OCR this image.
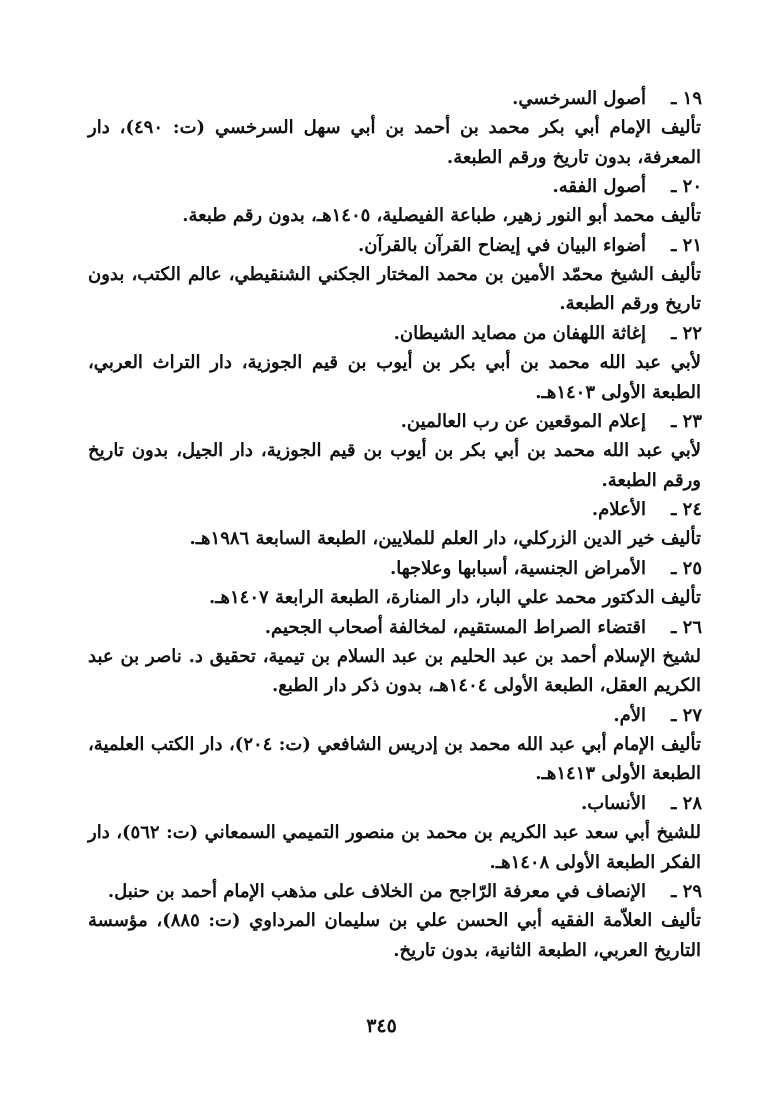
١٩ ـ
أصول السرخسي.

تأليف الإمام أبي بكر محمد بن أحمد بن أبي سهل السرخسي (ت: ٤٩٠)، دار المعرفة، بدون تاريخ ورقم الطبعة.

٢٠ ـ
أصول الفقه.

تأليف محمد أبو النور زهير، طباعة الفيصلية، ١٤٠٥هـ، بدون رقم طبعة.

٢١ ـ
أضواء البيان في إيضاح القرآن بالقرآن.

تأليف الشيخ محمّد الأمين بن محمد المختار الجكني الشنقيطي، عالم الكتب، بدون تاريخ ورقم الطبعة.

٢٢ ـ
إغاثة اللهفان من مصايد الشيطان.

لأبي عبد الله محمد بن أبي بكر بن أيوب بن قيم الجوزية، دار التراث العربي، الطبعة الأولى ١٤٠٣هـ.

٢٣ ـ
إعلام الموقعين عن رب العالمين.

لأبي عبد الله محمد بن أبي بكر بن أيوب بن قيم الجوزية، دار الجيل، بدون تاريخ ورقم الطبعة.

٢٤ ـ
الأعلام.

تأليف خير الدين الزركلي، دار العلم للملايين، الطبعة السابعة ١٩٨٦هـ.

٢٥ ـ
الأمراض الجنسية، أسبابها وعلاجها.

تأليف الدكتور محمد علي البار، دار المنارة، الطبعة الرابعة ١٤٠٧هـ.

٢٦ ـ
اقتضاء الصراط المستقيم، لمخالفة أصحاب الجحيم.

لشيخ الإسلام أحمد بن عبد الحليم بن عبد السلام بن تيمية، تحقيق د. ناصر بن عبد الكريم العقل، الطبعة الأولى ١٤٠٤هـ، بدون ذكر دار الطبع.

٢٧ ـ
الأم.

تأليف الإمام أبي عبد الله محمد بن إدريس الشافعي (ت: ٢٠٤)، دار الكتب العلمية، الطبعة الأولى ١٤١٣هـ.

٢٨ ـ
الأنساب.

للشيخ أبي سعد عبد الكريم بن محمد بن منصور التميمي السمعاني (ت: ٥٦٢)، دار الفكر الطبعة الأولى ١٤٠٨هـ.

٢٩ ـ
الإنصاف في معرفة الرّاجح من الخلاف على مذهب الإمام أحمد بن حنبل.

تأليف العلاّمة الفقيه أبي الحسن علي بن سليمان المرداوي (ت: ٨٨٥)، مؤسسة التاريخ العربي، الطبعة الثانية، بدون تاريخ.

٣٤٥
